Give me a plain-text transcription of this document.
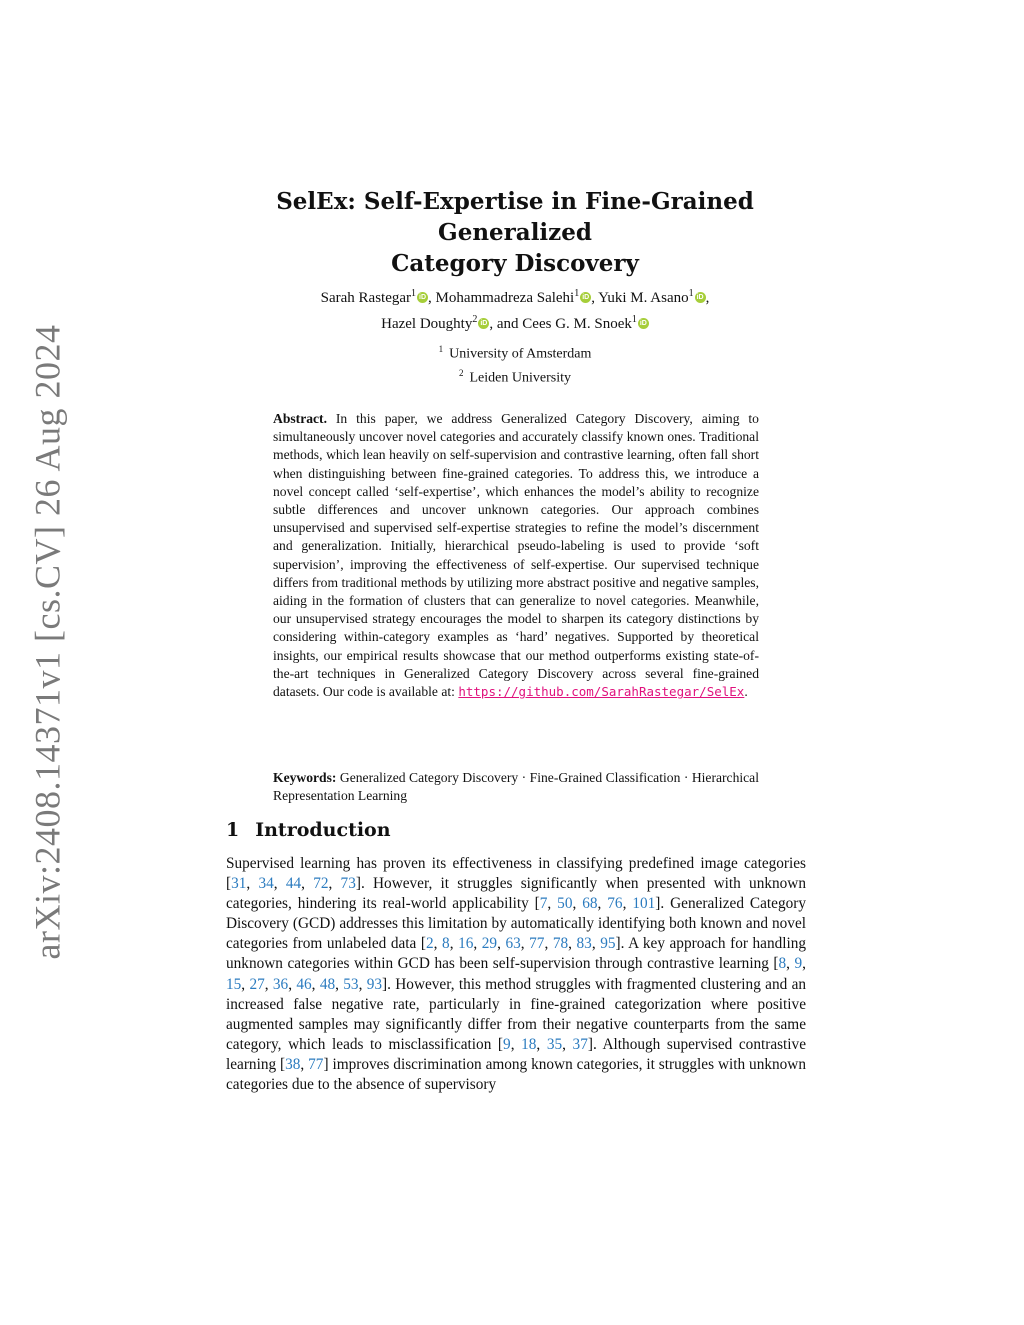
arXiv:2408.14371v1 [cs.CV] 26 Aug 2024
SelEx: Self-Expertise in Fine-Grained Generalized
Category Discovery
Sarah Rastegar$^1$ iD , Mohammadreza Salehi$^1$ iD , Yuki M. Asano$^1$ iD ,
Hazel Doughty$^2$ iD , and Cees G. M. Snoek$^1$ iD
$^1$ University of Amsterdam
$^2$ Leiden University
Abstract. In this paper, we address Generalized Category Discovery, aiming to simultaneously uncover novel categories and accurately classify known ones. Traditional methods, which lean heavily on self-supervision and contrastive learning, often fall short when distinguishing between fine-grained categories. To address this, we introduce a novel concept called ‘self-expertise’, which enhances the model’s ability to recognize subtle differences and uncover unknown categories. Our approach combines unsupervised and supervised self-expertise strategies to refine the model’s discernment and generalization. Initially, hierarchical pseudo-labeling is used to provide ‘soft supervision’, improving the effectiveness of self-expertise. Our supervised technique differs from traditional methods by utilizing more abstract positive and negative samples, aiding in the formation of clusters that can generalize to novel categories. Meanwhile, our unsupervised strategy encourages the model to sharpen its category distinctions by considering within-category examples as ‘hard’ negatives. Supported by theoretical insights, our empirical results showcase that our method outperforms existing state-of-the-art techniques in Generalized Category Discovery across several fine-grained datasets. Our code is available at: https://github.com/SarahRastegar/SelEx.
Keywords: Generalized Category Discovery · Fine-Grained Classification · Hierarchical Representation Learning
1 Introduction
Supervised learning has proven its effectiveness in classifying predefined image categories [31, 34, 44, 72, 73]. However, it struggles significantly when presented with unknown categories, hindering its real-world applicability [7, 50, 68, 76, 101]. Generalized Category Discovery (GCD) addresses this limitation by automatically identifying both known and novel categories from unlabeled data [2, 8, 16, 29, 63, 77, 78, 83, 95]. A key approach for handling unknown categories within GCD has been self-supervision through contrastive learning [8, 9, 15, 27, 36, 46, 48, 53, 93]. However, this method struggles with fragmented clustering and an increased false negative rate, particularly in fine-grained categorization where positive augmented samples may significantly differ from their negative counterparts from the same category, which leads to misclassification [9, 18, 35, 37]. Although supervised contrastive learning [38, 77] improves discrimination among known categories, it struggles with unknown categories due to the absence of supervisory
